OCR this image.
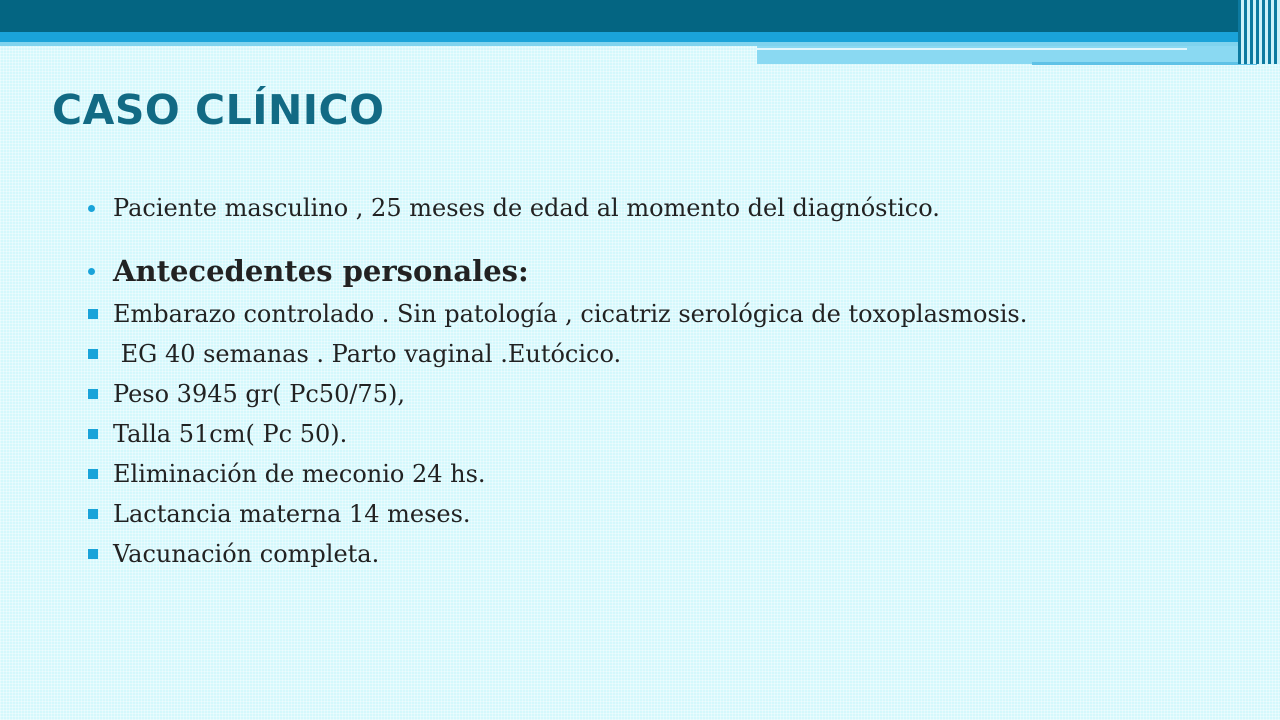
CASO CLÍNICO
Paciente masculino , 25 meses de edad al momento del diagnóstico.
Antecedentes personales:
Embarazo controlado . Sin patología , cicatriz serológica de toxoplasmosis.
EG 40 semanas . Parto vaginal .Eutócico.
Peso 3945 gr( Pc50/75),
Talla 51cm( Pc 50).
Eliminación de meconio 24 hs.
Lactancia materna 14 meses.
Vacunación completa.
